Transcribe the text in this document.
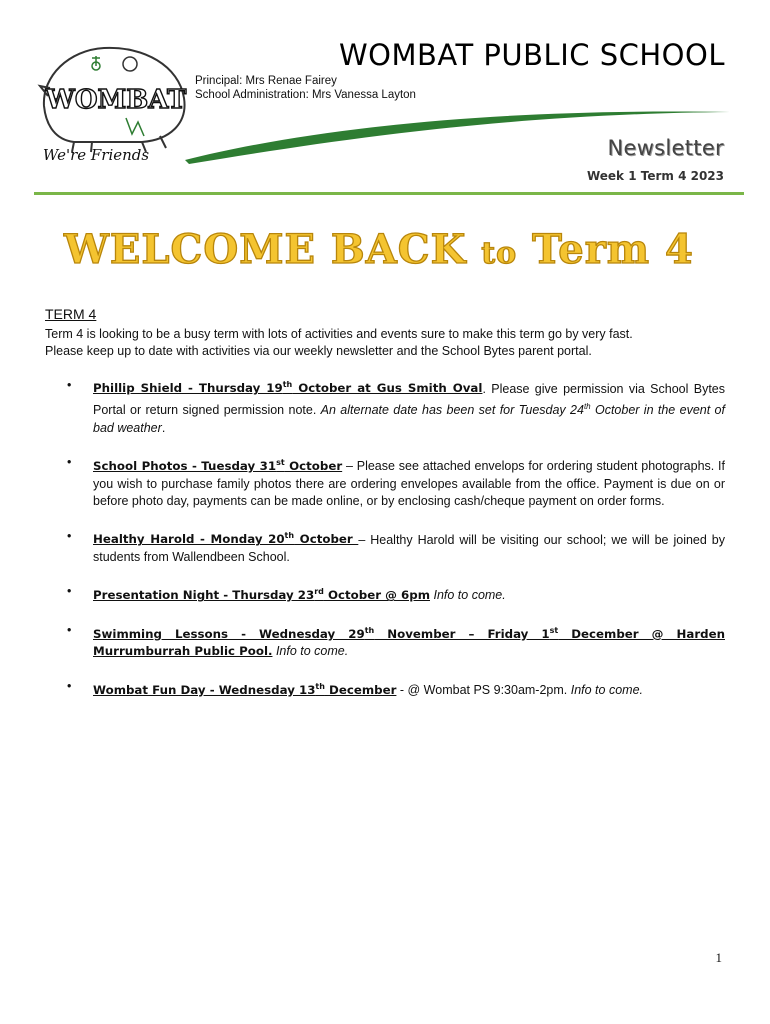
WOMBAT
We're Friends
WOMBAT PUBLIC SCHOOL
Principal: Mrs Renae Fairey
School Administration: Mrs Vanessa Layton
Newsletter
Week 1 Term 4 2023
WELCOME BACK to Term 4
TERM 4

Term 4 is looking to be a busy term with lots of activities and events sure to make this term go by very fast.
Please keep up to date with activities via our weekly newsletter and the School Bytes parent portal.

• Phillip Shield - Thursday 19th October at Gus Smith Oval. Please give permission via School Bytes Portal or return signed permission note. An alternate date has been set for Tuesday 24th October in the event of bad weather.
• School Photos - Tuesday 31st October – Please see attached envelops for ordering student photographs. If you wish to purchase family photos there are ordering envelopes available from the office. Payment is due on or before photo day, payments can be made online, or by enclosing cash/cheque payment on order forms.
• Healthy Harold - Monday 20th October – Healthy Harold will be visiting our school; we will be joined by students from Wallendbeen School.
• Presentation Night - Thursday 23rd October @ 6pm Info to come.
• Swimming Lessons - Wednesday 29th November – Friday 1st December @ Harden Murrumburrah Public Pool. Info to come.
• Wombat Fun Day - Wednesday 13th December - @ Wombat PS 9:30am-2pm. Info to come.
1
